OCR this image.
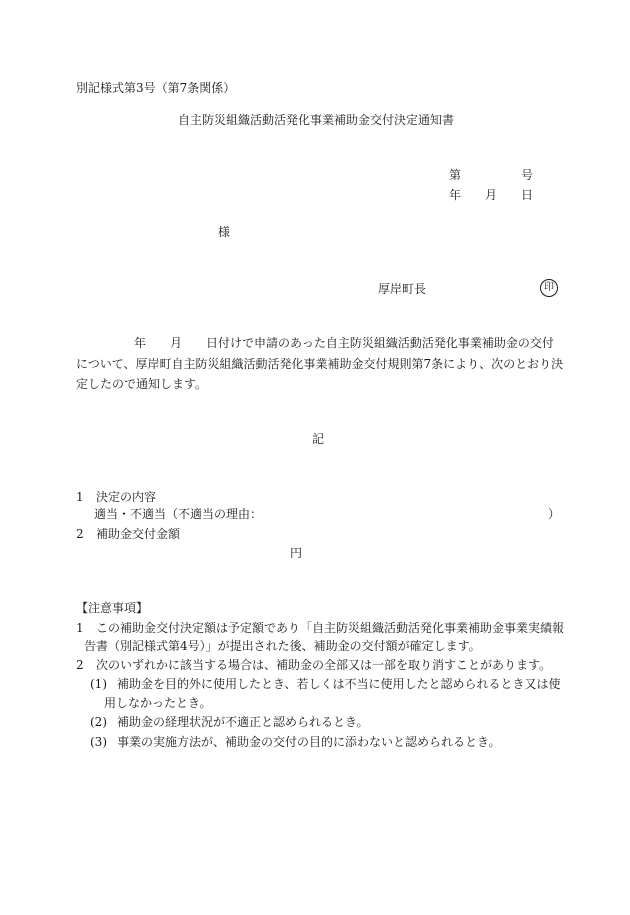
別記様式第3号（第7条関係）
自主防災組織活動活発化事業補助金交付決定通知書
第	号
年 月 日
様
厚岸町長	印
年 月 日付けで申請のあった自主防災組織活動活発化事業補助金の交付
について、厚岸町自主防災組織活動活発化事業補助金交付規則第7条により、次のとおり決
定したので通知します。
記
1 決定の内容
適当・不適当（不適当の理由：	）
2 補助金交付金額
円
【注意事項】
1 この補助金交付決定額は予定額であり「自主防災組織活動活発化事業補助金事業実績報
告書（別記様式第4号）」が提出された後、補助金の交付額が確定します。
2 次のいずれかに該当する場合は、補助金の全部又は一部を取り消すことがあります。
(1) 補助金を目的外に使用したとき、若しくは不当に使用したと認められるとき又は使
用しなかったとき。
(2) 補助金の経理状況が不適正と認められるとき。
(3) 事業の実施方法が、補助金の交付の目的に添わないと認められるとき。
